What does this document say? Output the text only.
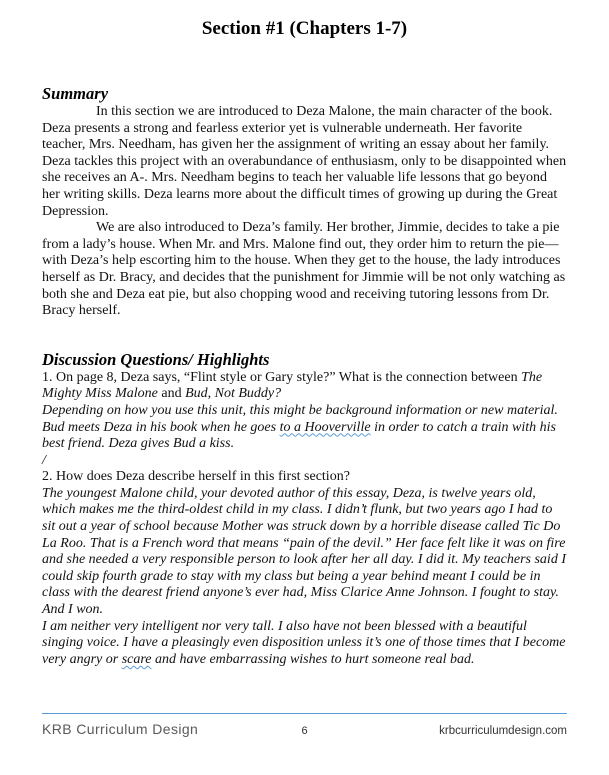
Section #1 (Chapters 1-7)
Summary

In this section we are introduced to Deza Malone, the main character of the book. Deza presents a strong and fearless exterior yet is vulnerable underneath. Her favorite teacher, Mrs. Needham, has given her the assignment of writing an essay about her family. Deza tackles this project with an overabundance of enthusiasm, only to be disappointed when she receives an A-. Mrs. Needham begins to teach her valuable life lessons that go beyond her writing skills. Deza learns more about the difficult times of growing up during the Great Depression.

We are also introduced to Deza’s family. Her brother, Jimmie, decides to take a pie from a lady’s house. When Mr. and Mrs. Malone find out, they order him to return the pie—with Deza’s help escorting him to the house. When they get to the house, the lady introduces herself as Dr. Bracy, and decides that the punishment for Jimmie will be not only watching as both she and Deza eat pie, but also chopping wood and receiving tutoring lessons from Dr. Bracy herself.

Discussion Questions/ Highlights

1. On page 8, Deza says, “Flint style or Gary style?” What is the connection between The Mighty Miss Malone and Bud, Not Buddy?

Depending on how you use this unit, this might be background information or new material. Bud meets Deza in his book when he goes to a Hooverville in order to catch a train with his best friend. Deza gives Bud a kiss.

/

2. How does Deza describe herself in this first section?

The youngest Malone child, your devoted author of this essay, Deza, is twelve years old, which makes me the third-oldest child in my class. I didn’t flunk, but two years ago I had to sit out a year of school because Mother was struck down by a horrible disease called Tic Do La Roo. That is a French word that means “pain of the devil.” Her face felt like it was on fire and she needed a very responsible person to look after her all day. I did it. My teachers said I could skip fourth grade to stay with my class but being a year behind meant I could be in class with the dearest friend anyone’s ever had, Miss Clarice Anne Johnson. I fought to stay. And I won.

I am neither very intelligent nor very tall. I also have not been blessed with a beautiful singing voice. I have a pleasingly even disposition unless it’s one of those times that I become very angry or scare and have embarrassing wishes to hurt someone real bad.

KRB Curriculum Design	6	krbcurriculumdesign.com
